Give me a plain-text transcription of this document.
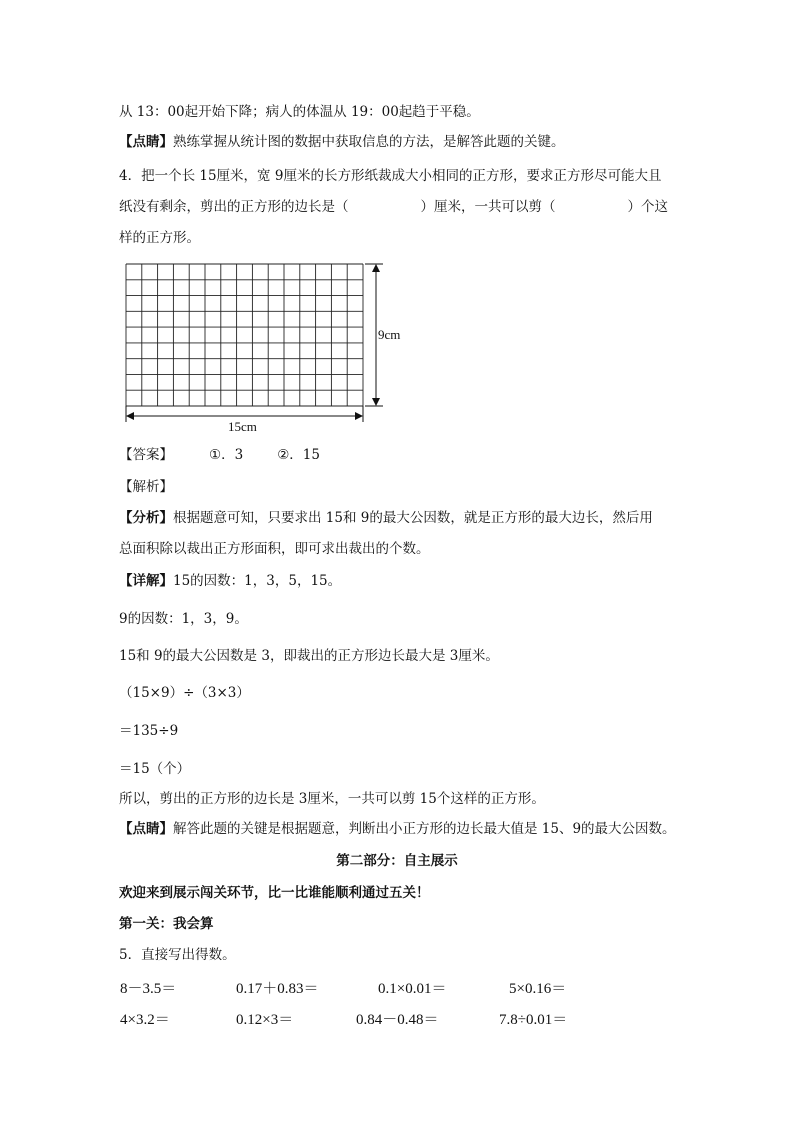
从 13：00起开始下降；病人的体温从 19：00起趋于平稳。
【点睛】熟练掌握从统计图的数据中获取信息的方法，是解答此题的关键。
4．把一个长 15厘米，宽 9厘米的长方形纸裁成大小相同的正方形，要求正方形尽可能大且
纸没有剩余，剪出的正方形的边长是（	）厘米，一共可以剪（	）个这
样的正方形。
9cm
15cm
【答案】	①．3	②．15
【解析】
【分析】根据题意可知，只要求出 15和 9的最大公因数，就是正方形的最大边长，然后用
总面积除以裁出正方形面积，即可求出裁出的个数。
【详解】15的因数：1，3，5，15。
9的因数：1，3，9。
15和 9的最大公因数是 3，即裁出的正方形边长最大是 3厘米。
（15×9）÷（3×3）
＝135÷9
＝15（个）
所以，剪出的正方形的边长是 3厘米，一共可以剪 15个这样的正方形。
【点睛】解答此题的关键是根据题意，判断出小正方形的边长最大值是 15、9的最大公因数。
第二部分：自主展示
欢迎来到展示闯关环节，比一比谁能顺利通过五关！
第一关：我会算
5．直接写出得数。
8－3.5＝	0.17＋0.83＝	0.1×0.01＝	5×0.16＝
4×3.2＝	0.12×3＝	0.84－0.48＝	7.8÷0.01＝
